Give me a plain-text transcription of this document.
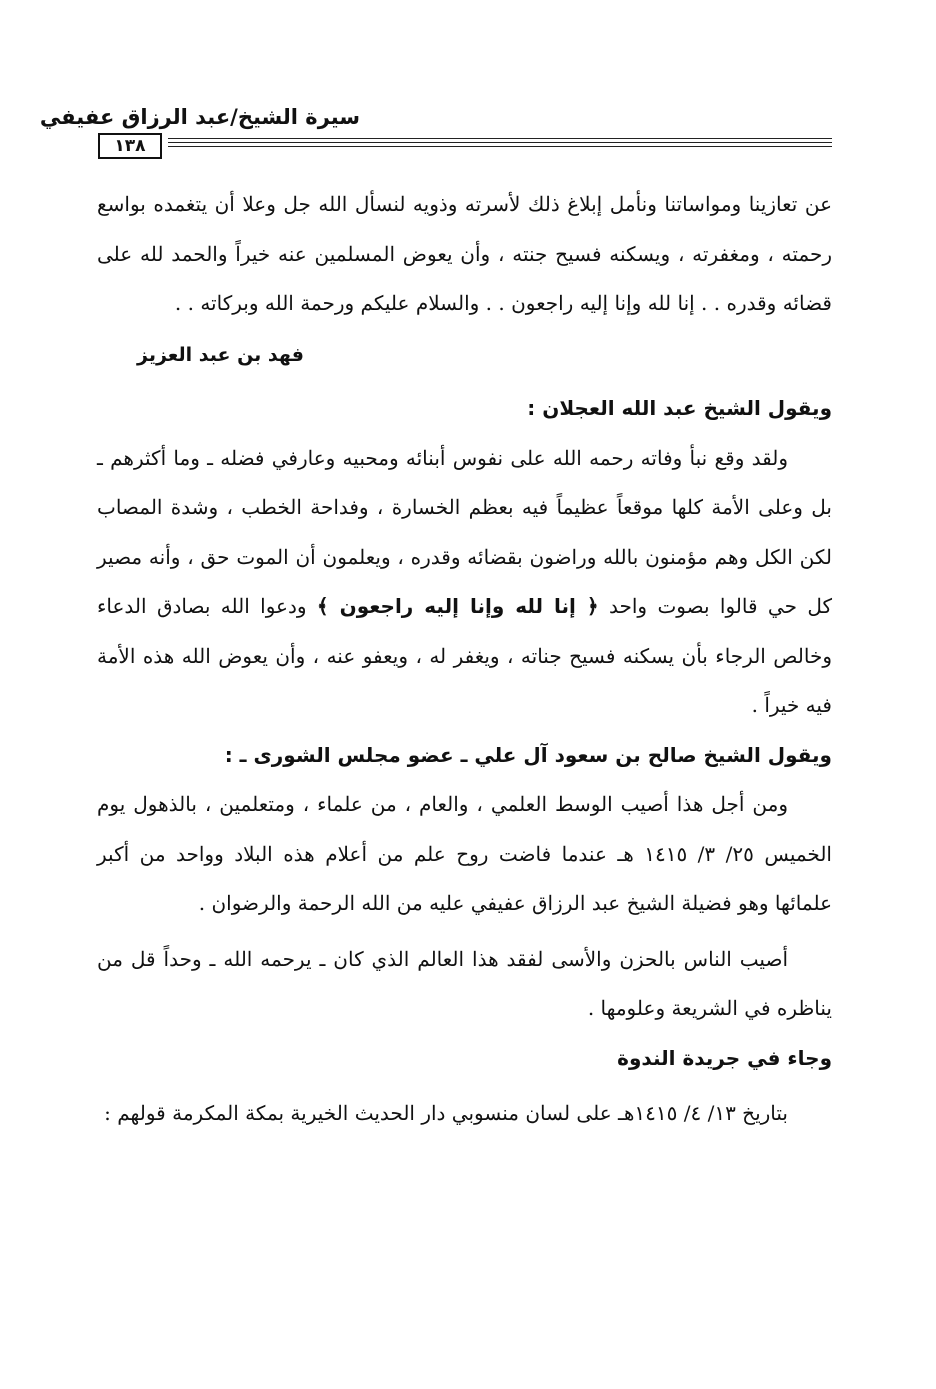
سيرة الشيخ/عبد الرزاق عفيفي
١٣٨

عن تعازينا ومواساتنا ونأمل إبلاغ ذلك لأسرته وذويه لنسأل الله جل وعلا أن يتغمده بواسع رحمته ، ومغفرته ، ويسكنه فسيح جنته ، وأن يعوض المسلمين عنه خيراً والحمد لله على قضائه وقدره . . إنا لله وإنا إليه راجعون . . والسلام عليكم ورحمة الله وبركاته . .

فهد بن عبد العزيز

ويقول الشيخ عبد الله العجلان :

ولقد وقع نبأ وفاته رحمه الله على نفوس أبنائه ومحبيه وعارفي فضله ـ وما أكثرهم ـ بل وعلى الأمة كلها موقعاً عظيماً فيه بعظم الخسارة ، وفداحة الخطب ، وشدة المصاب لكن الكل وهم مؤمنون بالله وراضون بقضائه وقدره ، ويعلمون أن الموت حق ، وأنه مصير كل حي قالوا بصوت واحد ﴿ إنا لله وإنا إليه راجعون ﴾ ودعوا الله بصادق الدعاء وخالص الرجاء بأن يسكنه فسيح جناته ، ويغفر له ، ويعفو عنه ، وأن يعوض الله هذه الأمة فيه خيراً .

ويقول الشيخ صالح بن سعود آل علي ـ عضو مجلس الشورى ـ :

ومن أجل هذا أصيب الوسط العلمي ، والعام ، من علماء ، ومتعلمين ، بالذهول يوم الخميس ٢٥/ ٣/ ١٤١٥ هـ عندما فاضت روح علم من أعلام هذه البلاد وواحد من أكبر علمائها وهو فضيلة الشيخ عبد الرزاق عفيفي عليه من الله الرحمة والرضوان .

أصيب الناس بالحزن والأسى لفقد هذا العالم الذي كان ـ يرحمه الله ـ وحداً قل من يناظره في الشريعة وعلومها .

وجاء في جريدة الندوة

بتاريخ ١٣/ ٤/ ١٤١٥هـ على لسان منسوبي دار الحديث الخيرية بمكة المكرمة قولهم :
